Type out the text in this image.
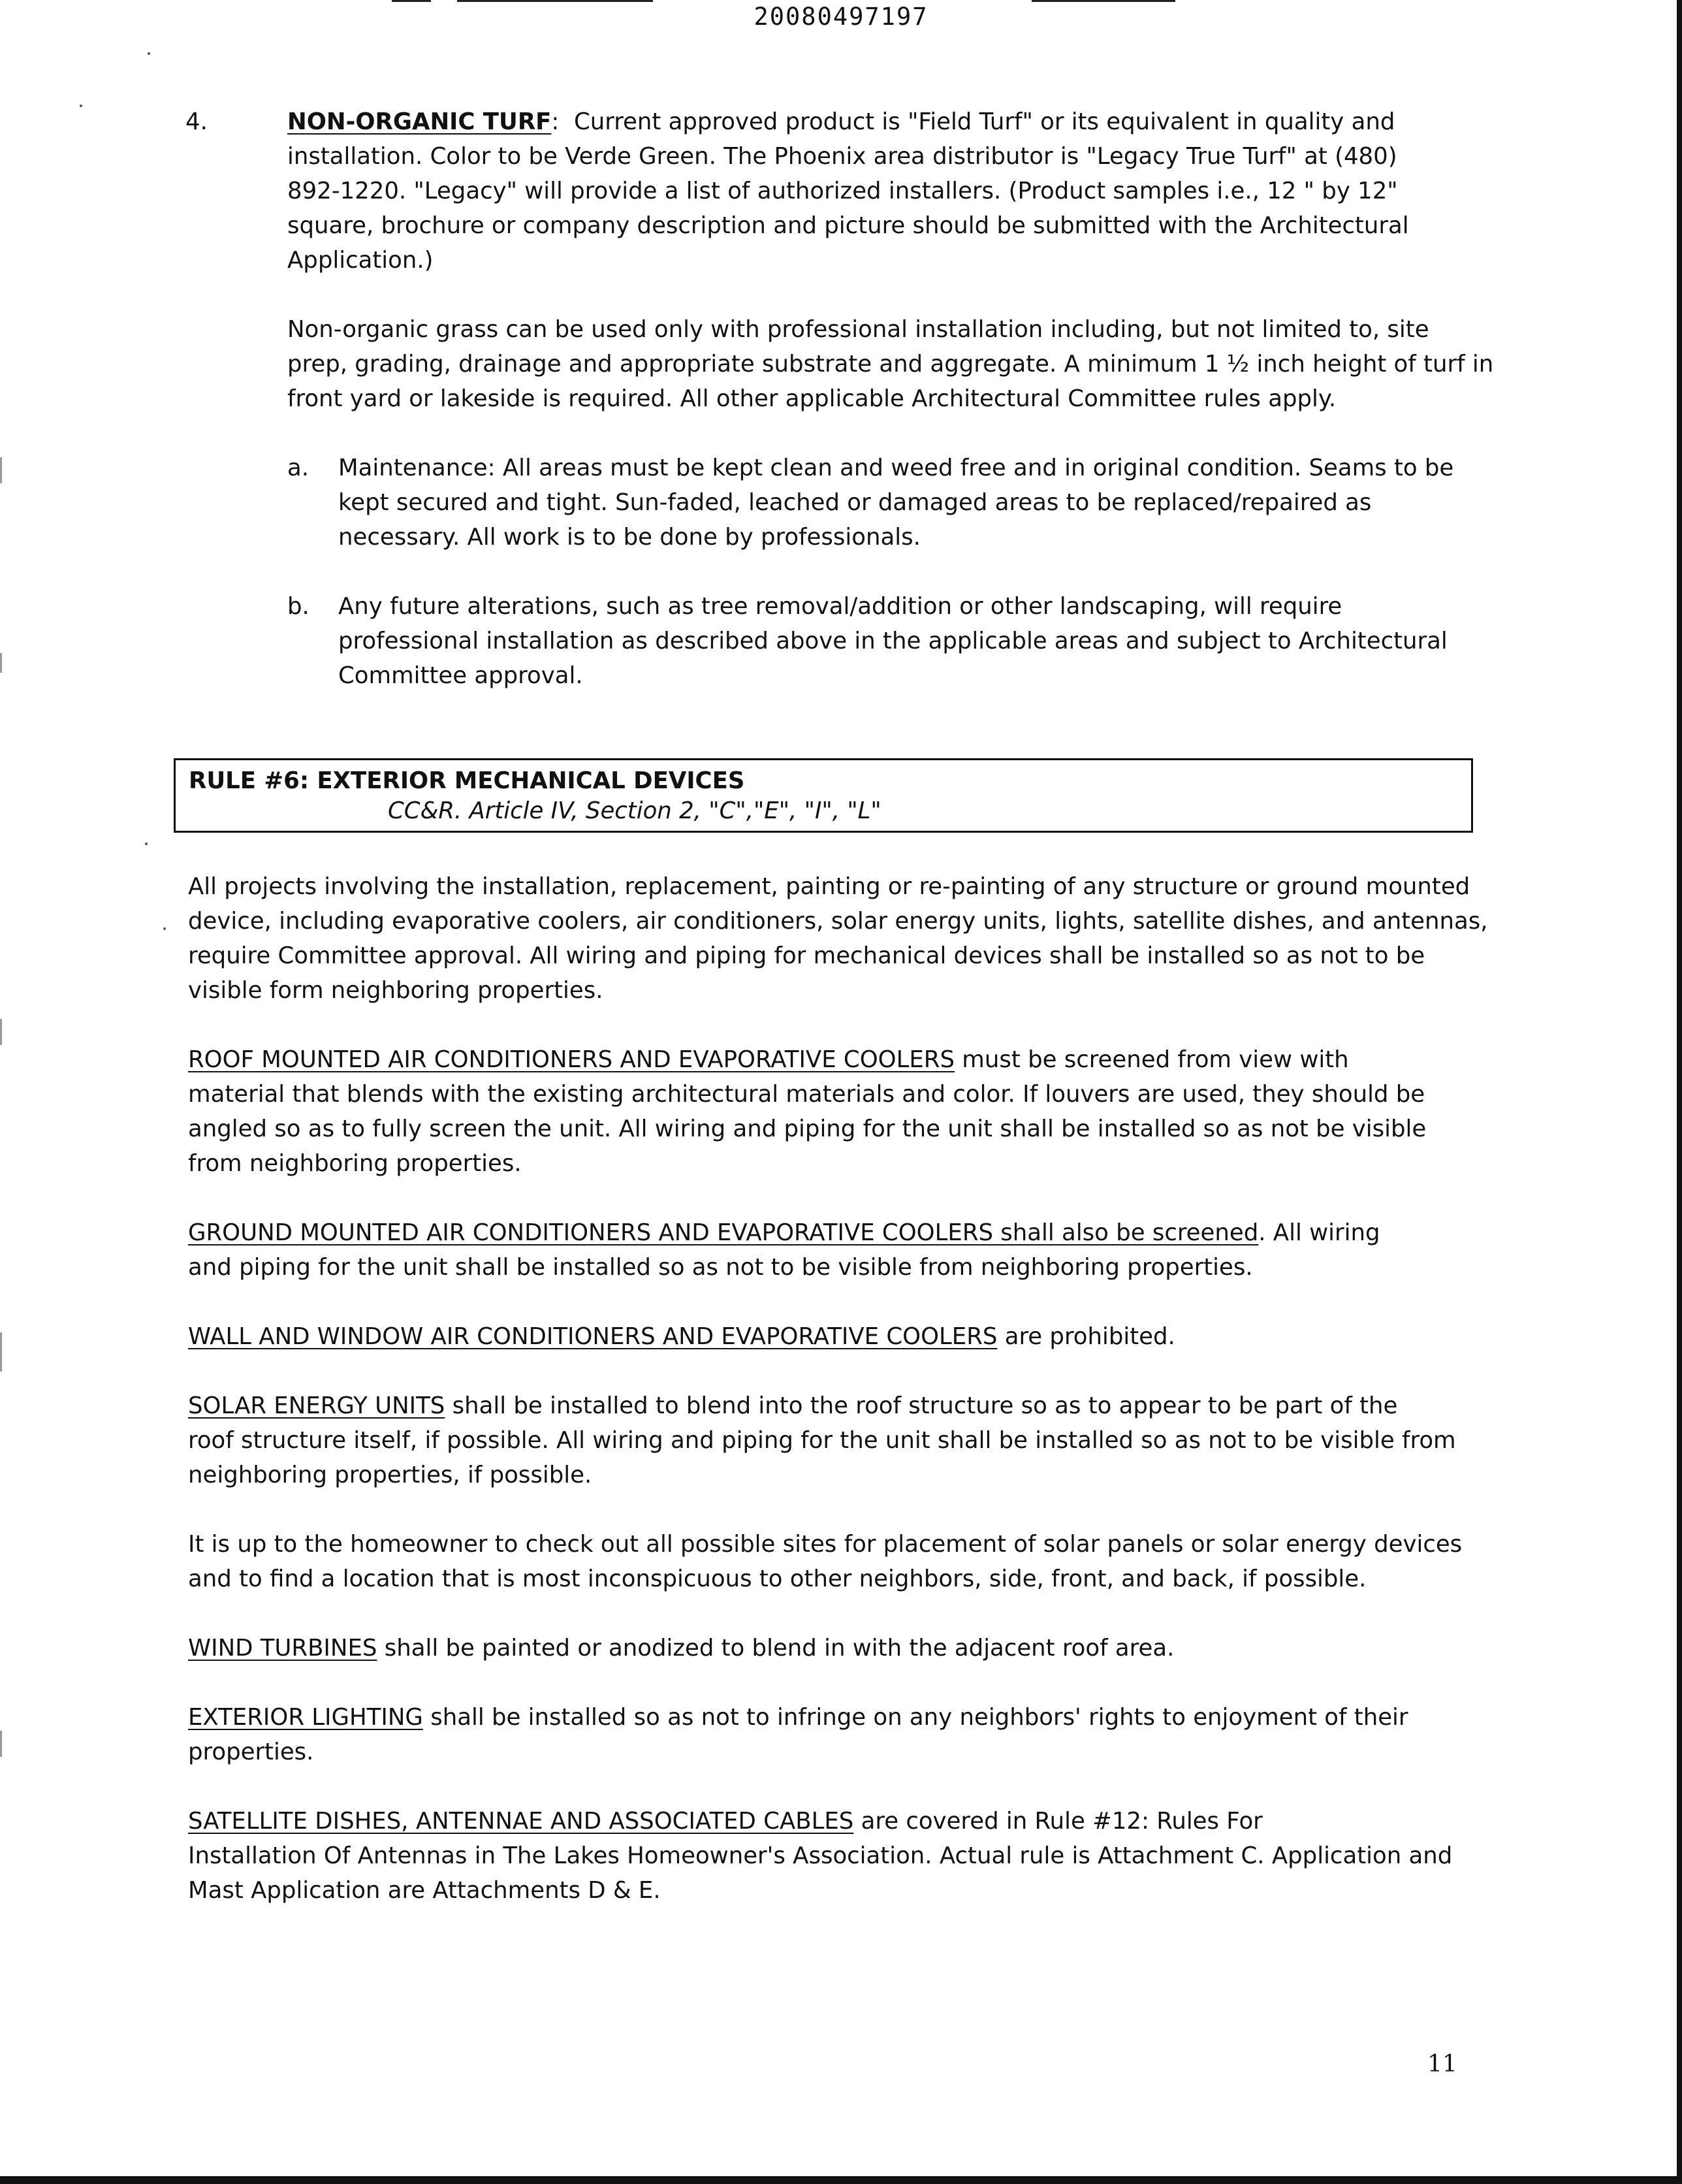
20080497197
4.	NON-ORGANIC TURF: Current approved product is "Field Turf" or its equivalent in quality and
installation. Color to be Verde Green. The Phoenix area distributor is "Legacy True Turf" at (480)
892-1220. "Legacy" will provide a list of authorized installers. (Product samples i.e., 12 " by 12"
square, brochure or company description and picture should be submitted with the Architectural
Application.)
Non-organic grass can be used only with professional installation including, but not limited to, site
prep, grading, drainage and appropriate substrate and aggregate. A minimum 1 ½ inch height of turf in
front yard or lakeside is required. All other applicable Architectural Committee rules apply.
a. Maintenance: All areas must be kept clean and weed free and in original condition. Seams to be
kept secured and tight. Sun-faded, leached or damaged areas to be replaced/repaired as
necessary. All work is to be done by professionals.
b. Any future alterations, such as tree removal/addition or other landscaping, will require
professional installation as described above in the applicable areas and subject to Architectural
Committee approval.
RULE #6: EXTERIOR MECHANICAL DEVICES
CC&R. Article IV, Section 2, "C","E", "I", "L"
All projects involving the installation, replacement, painting or re-painting of any structure or ground mounted
device, including evaporative coolers, air conditioners, solar energy units, lights, satellite dishes, and antennas,
require Committee approval. All wiring and piping for mechanical devices shall be installed so as not to be
visible form neighboring properties.
ROOF MOUNTED AIR CONDITIONERS AND EVAPORATIVE COOLERS must be screened from view with
material that blends with the existing architectural materials and color. If louvers are used, they should be
angled so as to fully screen the unit. All wiring and piping for the unit shall be installed so as not be visible
from neighboring properties.
GROUND MOUNTED AIR CONDITIONERS AND EVAPORATIVE COOLERS shall also be screened. All wiring
and piping for the unit shall be installed so as not to be visible from neighboring properties.
WALL AND WINDOW AIR CONDITIONERS AND EVAPORATIVE COOLERS are prohibited.
SOLAR ENERGY UNITS shall be installed to blend into the roof structure so as to appear to be part of the
roof structure itself, if possible. All wiring and piping for the unit shall be installed so as not to be visible from
neighboring properties, if possible.
It is up to the homeowner to check out all possible sites for placement of solar panels or solar energy devices
and to find a location that is most inconspicuous to other neighbors, side, front, and back, if possible.
WIND TURBINES shall be painted or anodized to blend in with the adjacent roof area.
EXTERIOR LIGHTING shall be installed so as not to infringe on any neighbors' rights to enjoyment of their
properties.
SATELLITE DISHES, ANTENNAE AND ASSOCIATED CABLES are covered in Rule #12: Rules For
Installation Of Antennas in The Lakes Homeowner's Association. Actual rule is Attachment C. Application and
Mast Application are Attachments D & E.
11
